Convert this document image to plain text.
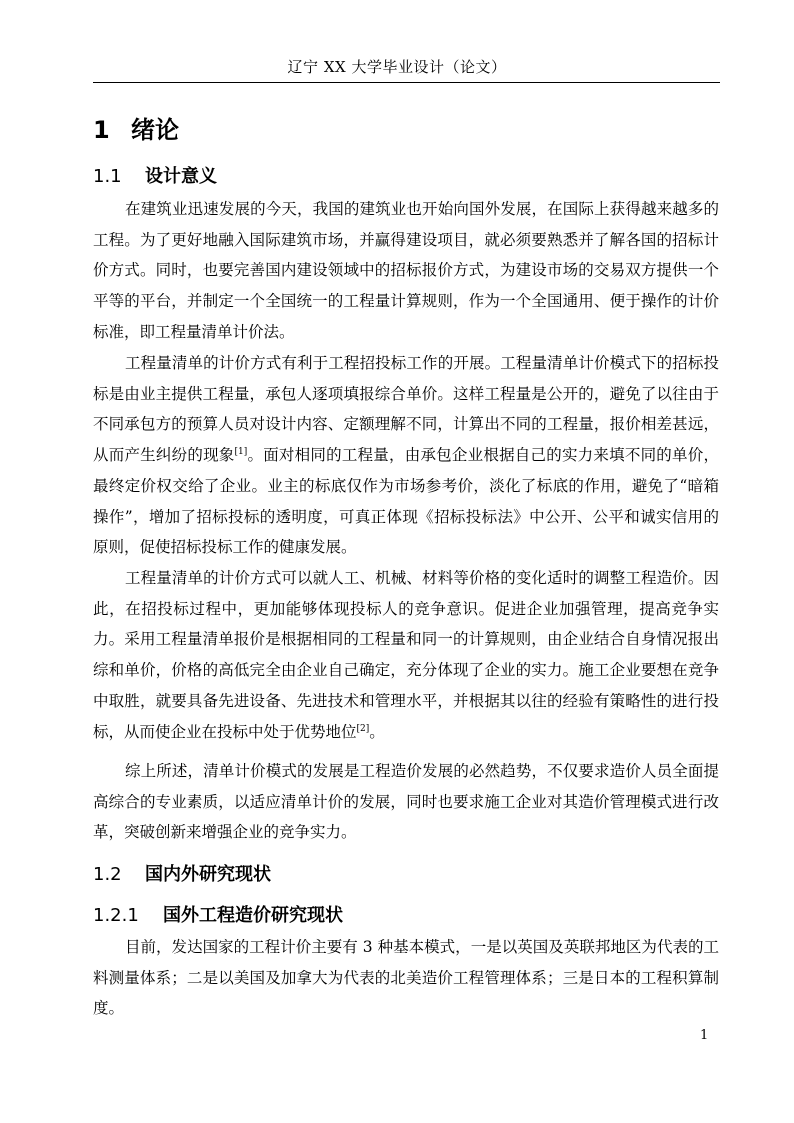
辽宁 XX 大学毕业设计（论文）
1 绪论
1.1 设计意义

在建筑业迅速发展的今天，我国的建筑业也开始向国外发展，在国际上获得越来越多的工程。为了更好地融入国际建筑市场，并赢得建设项目，就必须要熟悉并了解各国的招标计价方式。同时，也要完善国内建设领域中的招标报价方式，为建设市场的交易双方提供一个平等的平台，并制定一个全国统一的工程量计算规则，作为一个全国通用、便于操作的计价标准，即工程量清单计价法。

工程量清单的计价方式有利于工程招投标工作的开展。工程量清单计价模式下的招标投标是由业主提供工程量，承包人逐项填报综合单价。这样工程量是公开的，避免了以往由于不同承包方的预算人员对设计内容、定额理解不同，计算出不同的工程量，报价相差甚远，从而产生纠纷的现象[1]。面对相同的工程量，由承包企业根据自己的实力来填不同的单价，最终定价权交给了企业。业主的标底仅作为市场参考价，淡化了标底的作用，避免了“暗箱操作”，增加了招标投标的透明度，可真正体现《招标投标法》中公开、公平和诚实信用的原则，促使招标投标工作的健康发展。

工程量清单的计价方式可以就人工、机械、材料等价格的变化适时的调整工程造价。因此，在招投标过程中，更加能够体现投标人的竞争意识。促进企业加强管理，提高竞争实力。采用工程量清单报价是根据相同的工程量和同一的计算规则，由企业结合自身情况报出综和单价，价格的高低完全由企业自己确定，充分体现了企业的实力。施工企业要想在竞争中取胜，就要具备先进设备、先进技术和管理水平，并根据其以往的经验有策略性的进行投标，从而使企业在投标中处于优势地位[2]。

综上所述，清单计价模式的发展是工程造价发展的必然趋势，不仅要求造价人员全面提高综合的专业素质，以适应清单计价的发展，同时也要求施工企业对其造价管理模式进行改革，突破创新来增强企业的竞争实力。

1.2 国内外研究现状
1.2.1 国外工程造价研究现状

目前，发达国家的工程计价主要有 3 种基本模式，一是以英国及英联邦地区为代表的工料测量体系；二是以美国及加拿大为代表的北美造价工程管理体系；三是日本的工程积算制度。

1
